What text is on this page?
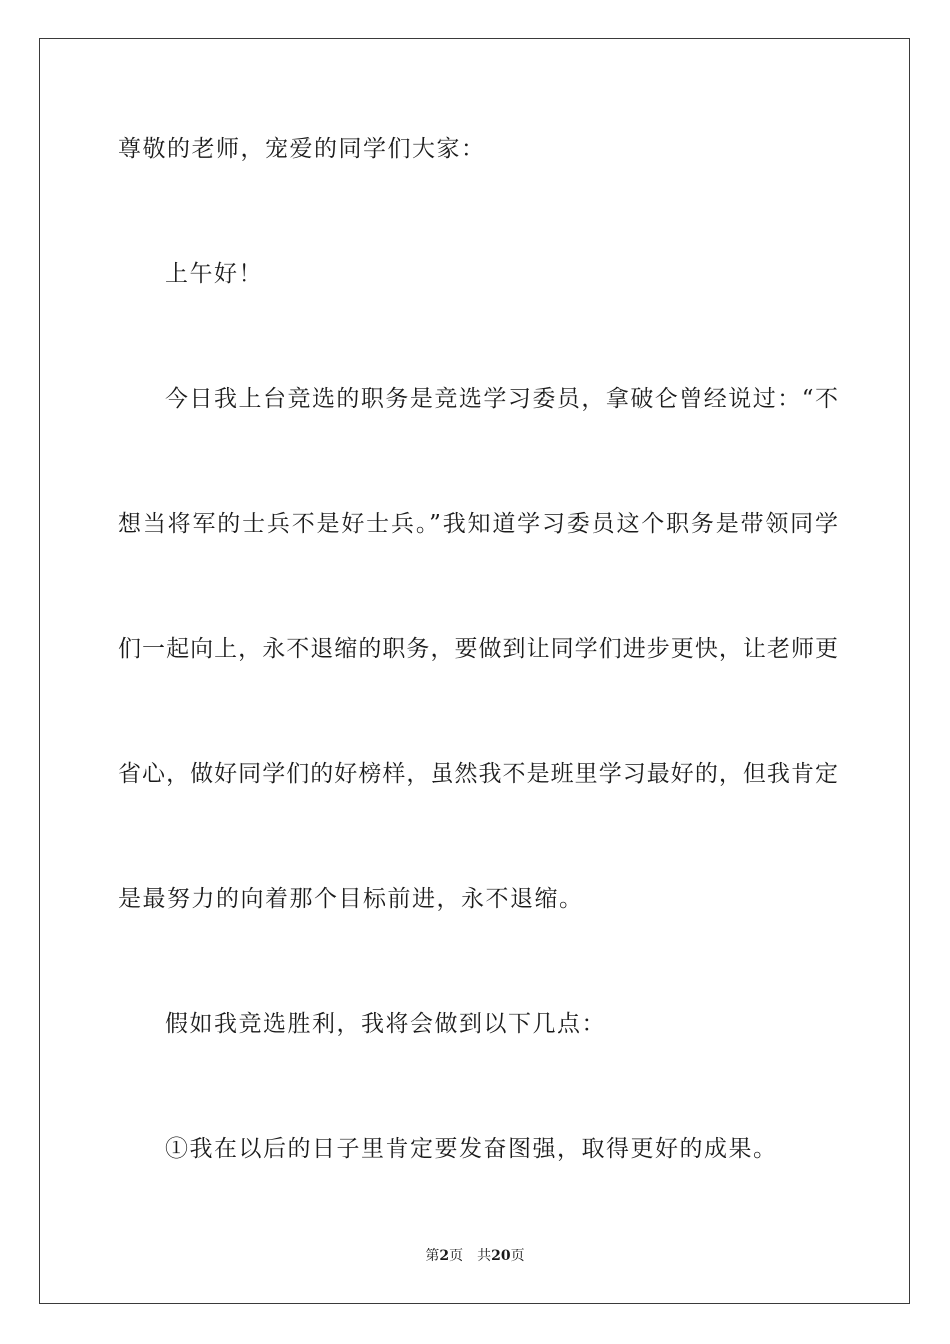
尊敬的老师，宠爱的同学们大家：
上午好！
今日我上台竞选的职务是竞选学习委员，拿破仑曾经说过：“不
想当将军的士兵不是好士兵。”我知道学习委员这个职务是带领同学
们一起向上，永不退缩的职务，要做到让同学们进步更快，让老师更
省心，做好同学们的好榜样，虽然我不是班里学习最好的，但我肯定
是最努力的向着那个目标前进，永不退缩。
假如我竞选胜利，我将会做到以下几点：
①我在以后的日子里肯定要发奋图强，取得更好的成果。
第2页 共20页
